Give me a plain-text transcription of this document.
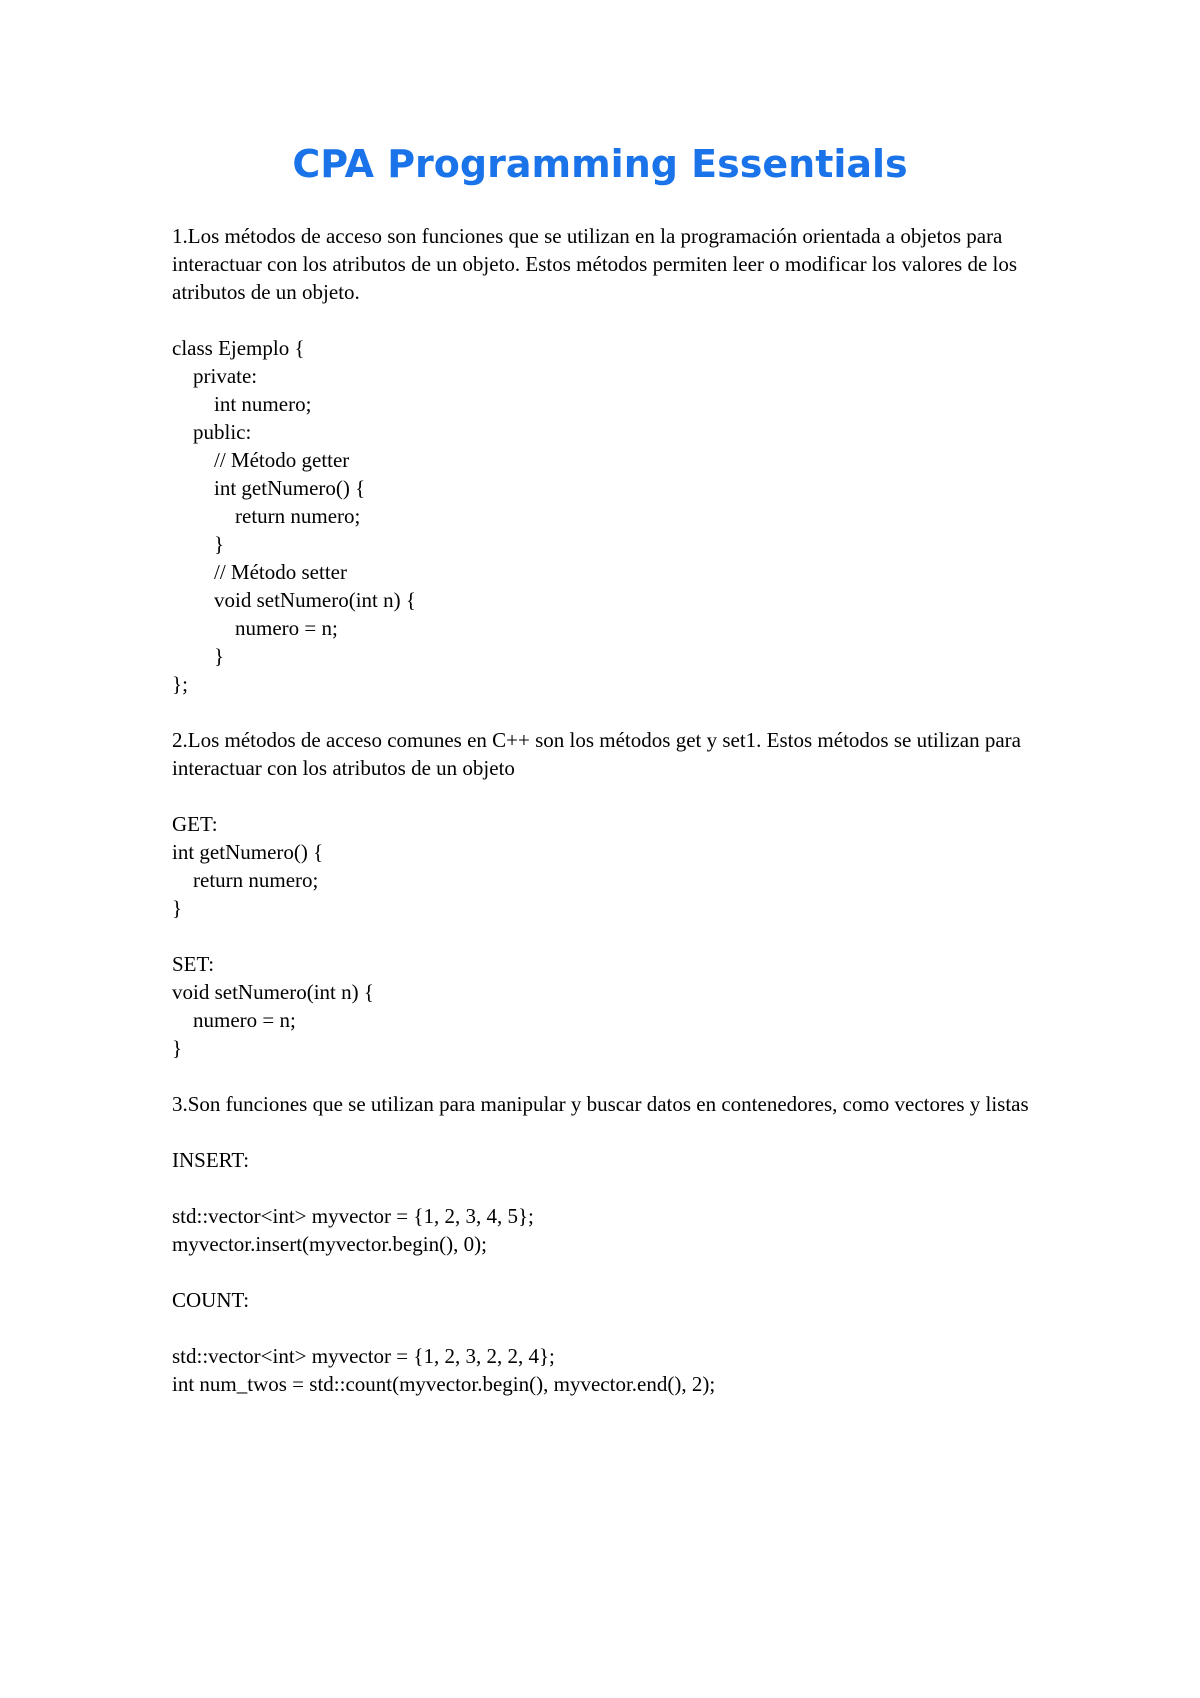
CPA Programming Essentials

1.Los métodos de acceso son funciones que se utilizan en la programación orientada a objetos para interactuar con los atributos de un objeto. Estos métodos permiten leer o modificar los valores de los atributos de un objeto.

class Ejemplo {
private:
int numero;
public:
// Método getter
int getNumero() {
return numero;
}
// Método setter
void setNumero(int n) {
numero = n;
}
};

2.Los métodos de acceso comunes en C++ son los métodos get y set1. Estos métodos se utilizan para interactuar con los atributos de un objeto

GET:
int getNumero() {
return numero;
}
SET:
void setNumero(int n) {
numero = n;
}

3.Son funciones que se utilizan para manipular y buscar datos en contenedores, como vectores y listas

INSERT:
std::vector<int> myvector = {1, 2, 3, 4, 5};
myvector.insert(myvector.begin(), 0);
COUNT:
std::vector<int> myvector = {1, 2, 3, 2, 2, 4};
int num_twos = std::count(myvector.begin(), myvector.end(), 2);
